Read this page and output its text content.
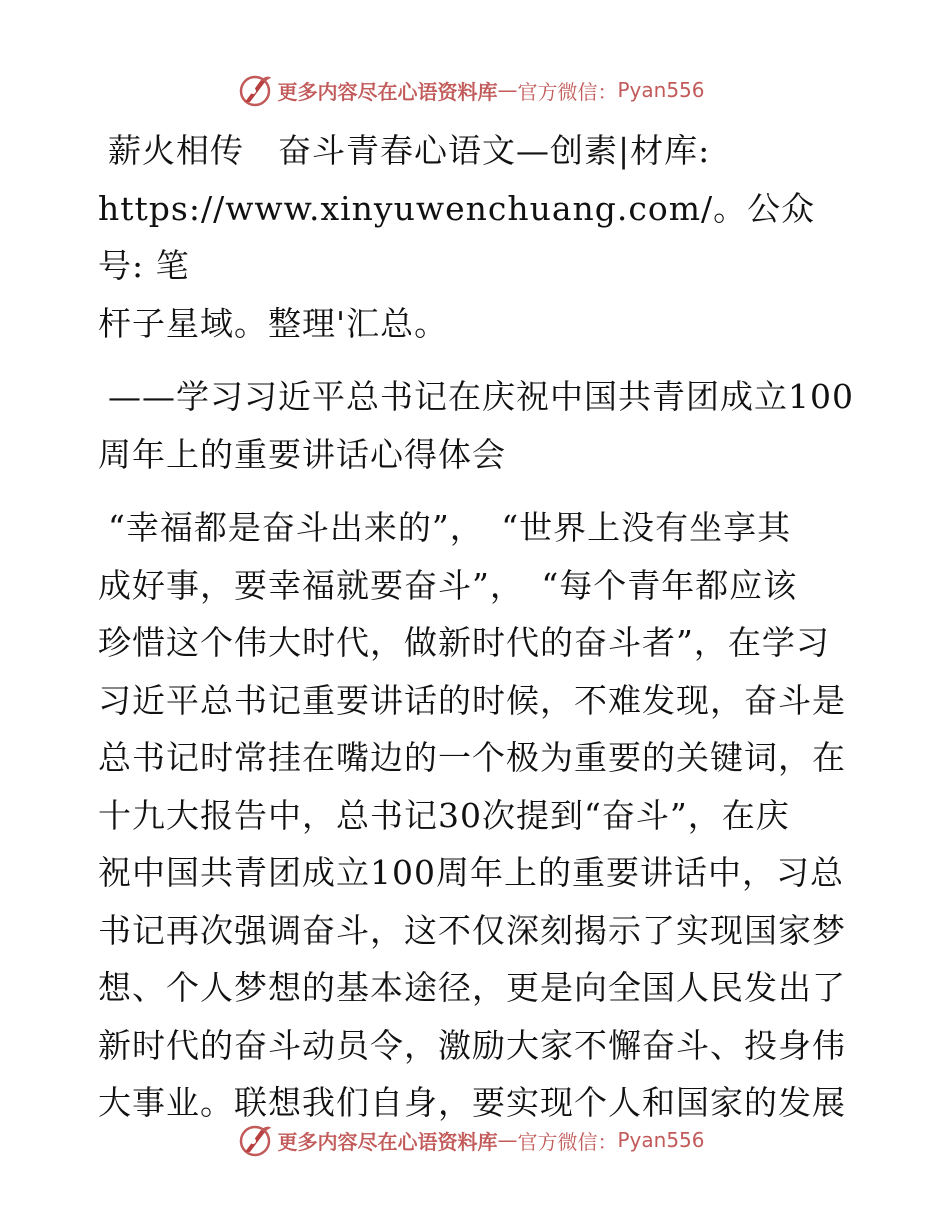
更多内容尽在心语资料库 — 官方微信： Pyan556
薪火相传　奋斗青春心语文—创素|材库:
https://www.xinyuwenchuang.com/。公众号: 笔
杆子星域。整理'汇总。
——学习习近平总书记在庆祝中国共青团成立100
周年上的重要讲话心得体会
“幸福都是奋斗出来的”，　“世界上没有坐享其
成好事，要幸福就要奋斗”，　“每个青年都应该
珍惜这个伟大时代，做新时代的奋斗者”，在学习
习近平总书记重要讲话的时候，不难发现，奋斗是
总书记时常挂在嘴边的一个极为重要的关键词，在
十九大报告中，总书记30次提到“奋斗”，在庆
祝中国共青团成立100周年上的重要讲话中，习总
书记再次强调奋斗，这不仅深刻揭示了实现国家梦
想、个人梦想的基本途径，更是向全国人民发出了
新时代的奋斗动员令，激励大家不懈奋斗、投身伟
大事业。联想我们自身，要实现个人和国家的发展
更多内容尽在心语资料库 — 官方微信： Pyan556
